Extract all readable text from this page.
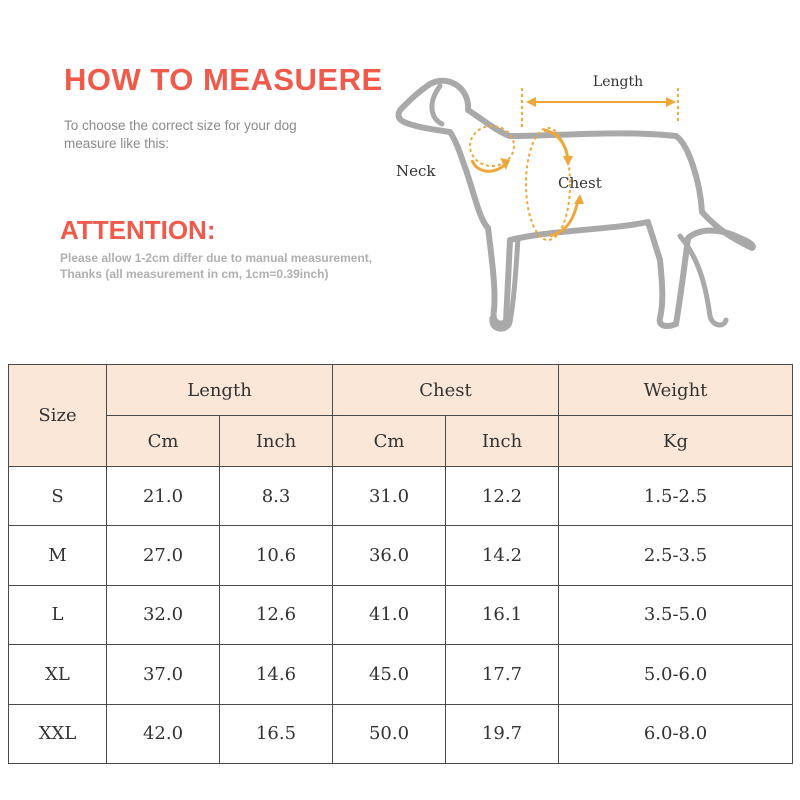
HOW TO MEASUERE
To choose the correct size for your dog
measure like this:
ATTENTION:
Please allow 1-2cm differ due to manual measurement,
Thanks (all measurement in cm, 1cm=0.39inch)
Length
Neck
Chest
Size	Length		Chest		Weight
	Cm	Inch	Cm	Inch	Kg
S	21.0	8.3	31.0	12.2	1.5-2.5
M	27.0	10.6	36.0	14.2	2.5-3.5
L	32.0	12.6	41.0	16.1	3.5-5.0
XL	37.0	14.6	45.0	17.7	5.0-6.0
XXL	42.0	16.5	50.0	19.7	6.0-8.0
